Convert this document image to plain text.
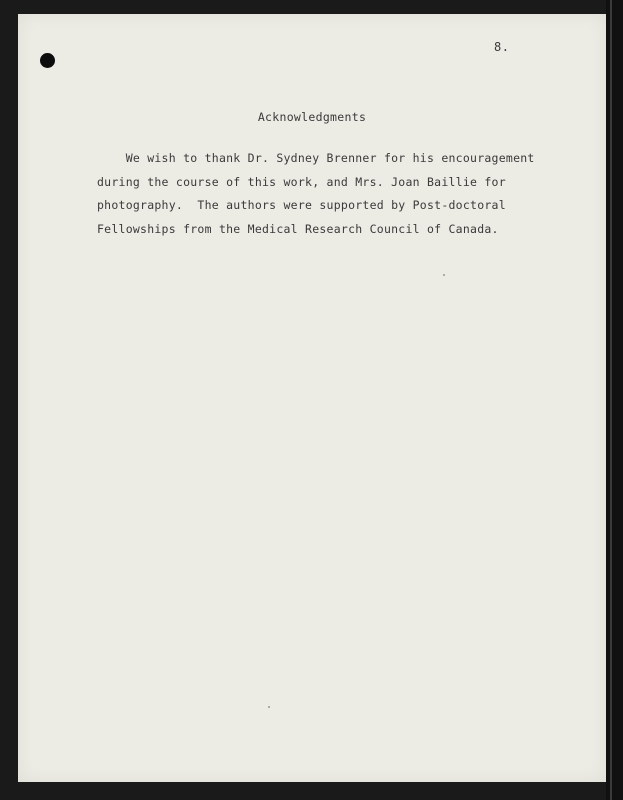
8.
Acknowledgments
We wish to thank Dr. Sydney Brenner for his encouragement
during the course of this work, and Mrs. Joan Baillie for
photography.  The authors were supported by Post-doctoral
Fellowships from the Medical Research Council of Canada.
